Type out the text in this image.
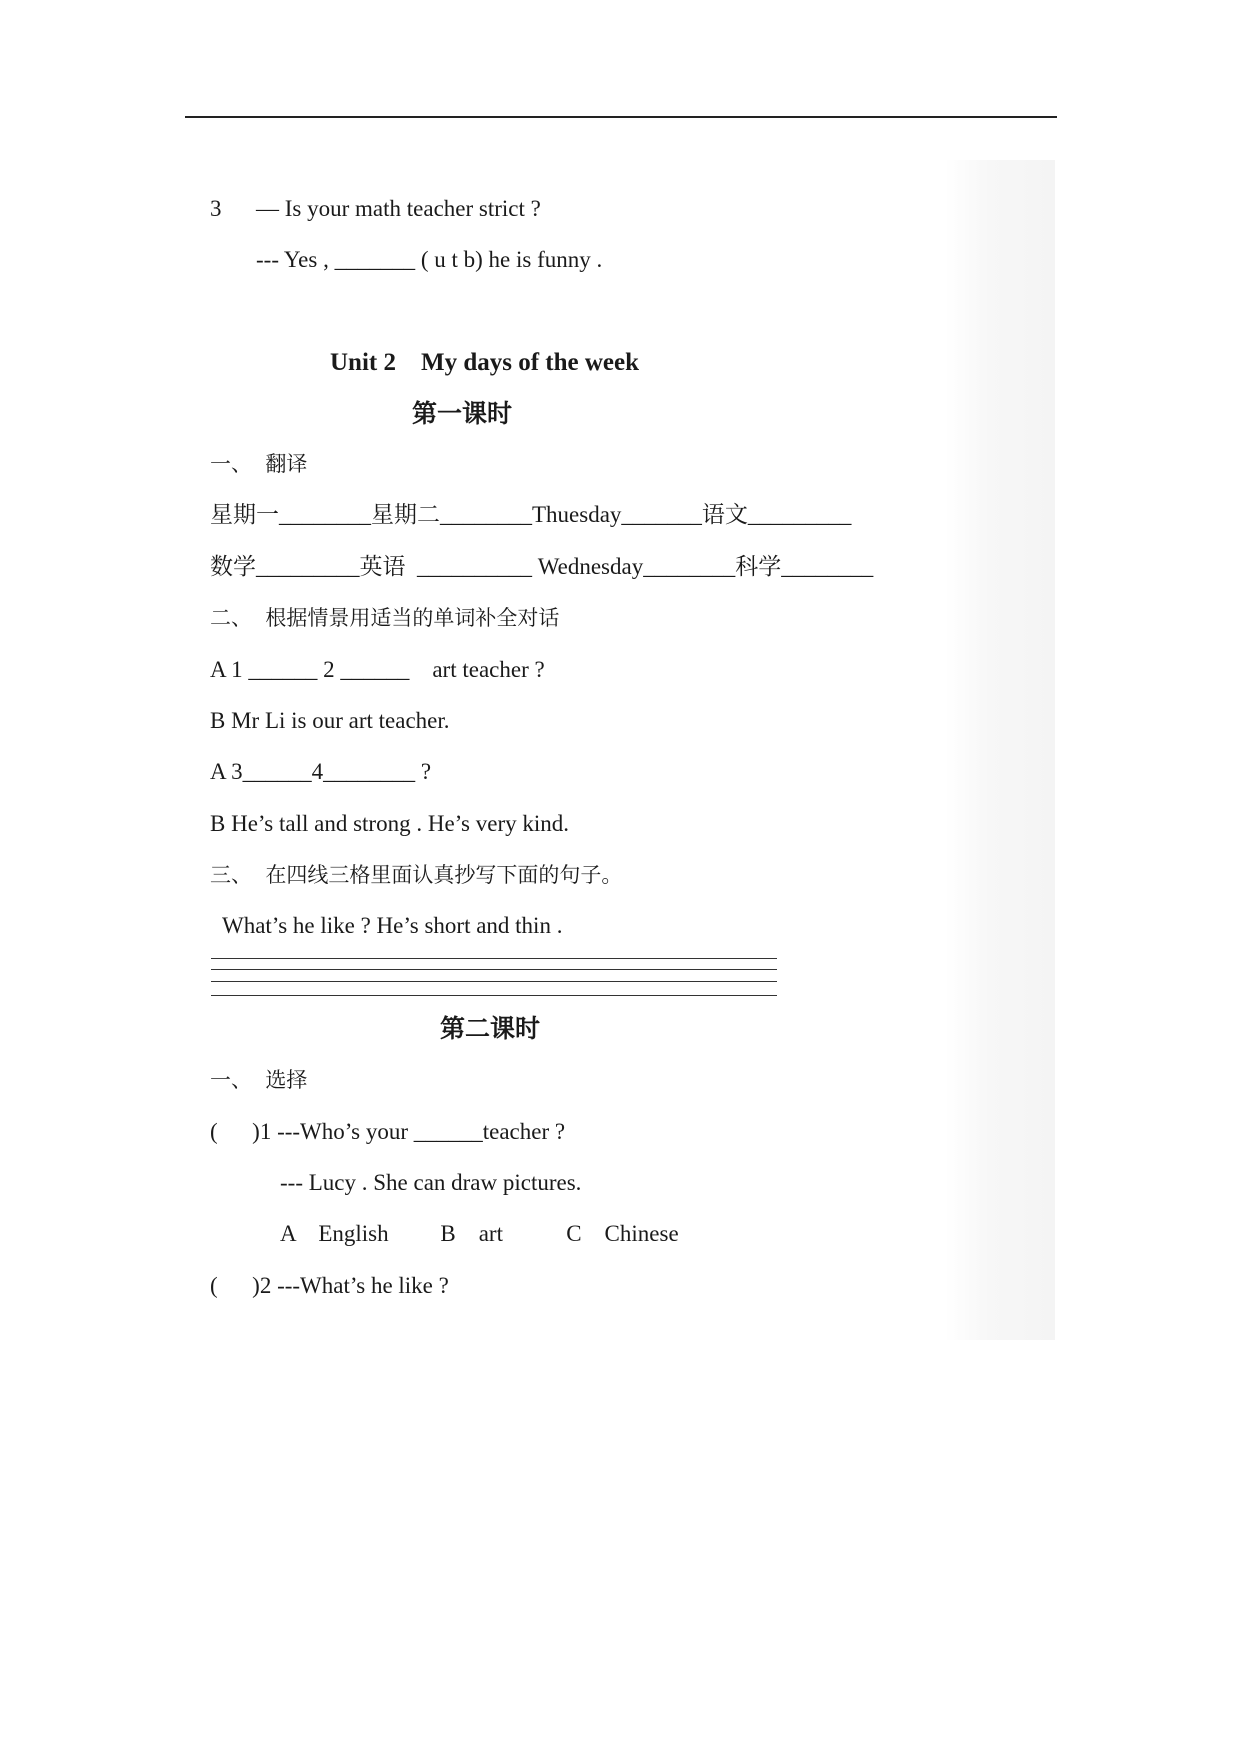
3 — Is your math teacher strict ?
--- Yes , _______ ( u t b) he is funny .
Unit 2    My days of the week
第一课时
一、  翻译
星期一________星期二________Thuesday_______语文_________
数学_________英语  __________ Wednesday________科学________
二、  根据情景用适当的单词补全对话
A 1 ______ 2 ______    art teacher ?
B Mr Li is our art teacher.
A 3______4________ ?
B He’s tall and strong . He’s very kind.
三、  在四线三格里面认真抄写下面的句子。
What’s he like ? He’s short and thin .
第二课时
一、  选择
(      )1 ---Who’s your ______teacher ?
--- Lucy . She can draw pictures.
A    English         B    art           C    Chinese
(      )2 ---What’s he like ?
